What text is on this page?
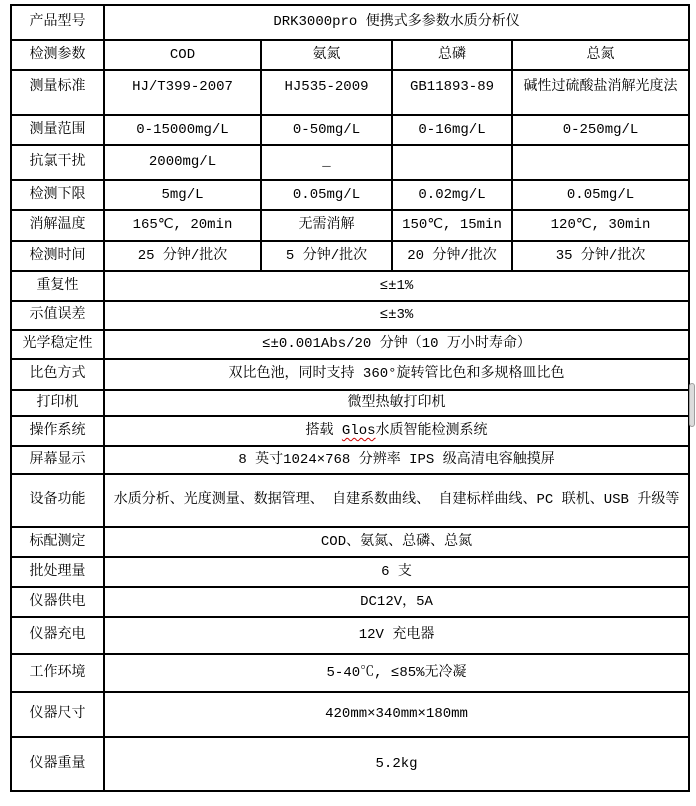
产品型号	DRK3000pro 便携式多参数水质分析仪			
检测参数	COD	氨氮	总磷	总氮
测量标准	HJ/T399-2007	HJ535-2009	GB11893-89	碱性过硫酸盐消解光度法
测量范围	0-15000mg/L	0-50mg/L	0-16mg/L	0-250mg/L
抗氯干扰	2000mg/L	_		
检测下限	5mg/L	0.05mg/L	0.02mg/L	0.05mg/L
消解温度	165℃, 20min	无需消解	150℃, 15min	120℃, 30min
检测时间	25 分钟/批次	5 分钟/批次	20 分钟/批次	35 分钟/批次
重复性	≤±1%			
示值误差	≤±3%			
光学稳定性	≤±0.001Abs/20 分钟（10 万小时寿命）			
比色方式	双比色池，同时支持 360°旋转管比色和多规格皿比色			
打印机	微型热敏打印机			
操作系统	搭载 Glos水质智能检测系统			
屏幕显示	8 英寸1024×768 分辨率 IPS 级高清电容触摸屏			
设备功能	水质分析、光度测量、数据管理、 自建系数曲线、 自建标样曲线、PC 联机、USB 升级等			
标配测定	COD、氨氮、总磷、总氮			
批处理量	6 支			
仪器供电	DC12V，5A			
仪器充电	12V 充电器			
工作环境	5-40℃, ≤85%无冷凝			
仪器尺寸	420mm×340mm×180mm			
仪器重量	5.2kg			
